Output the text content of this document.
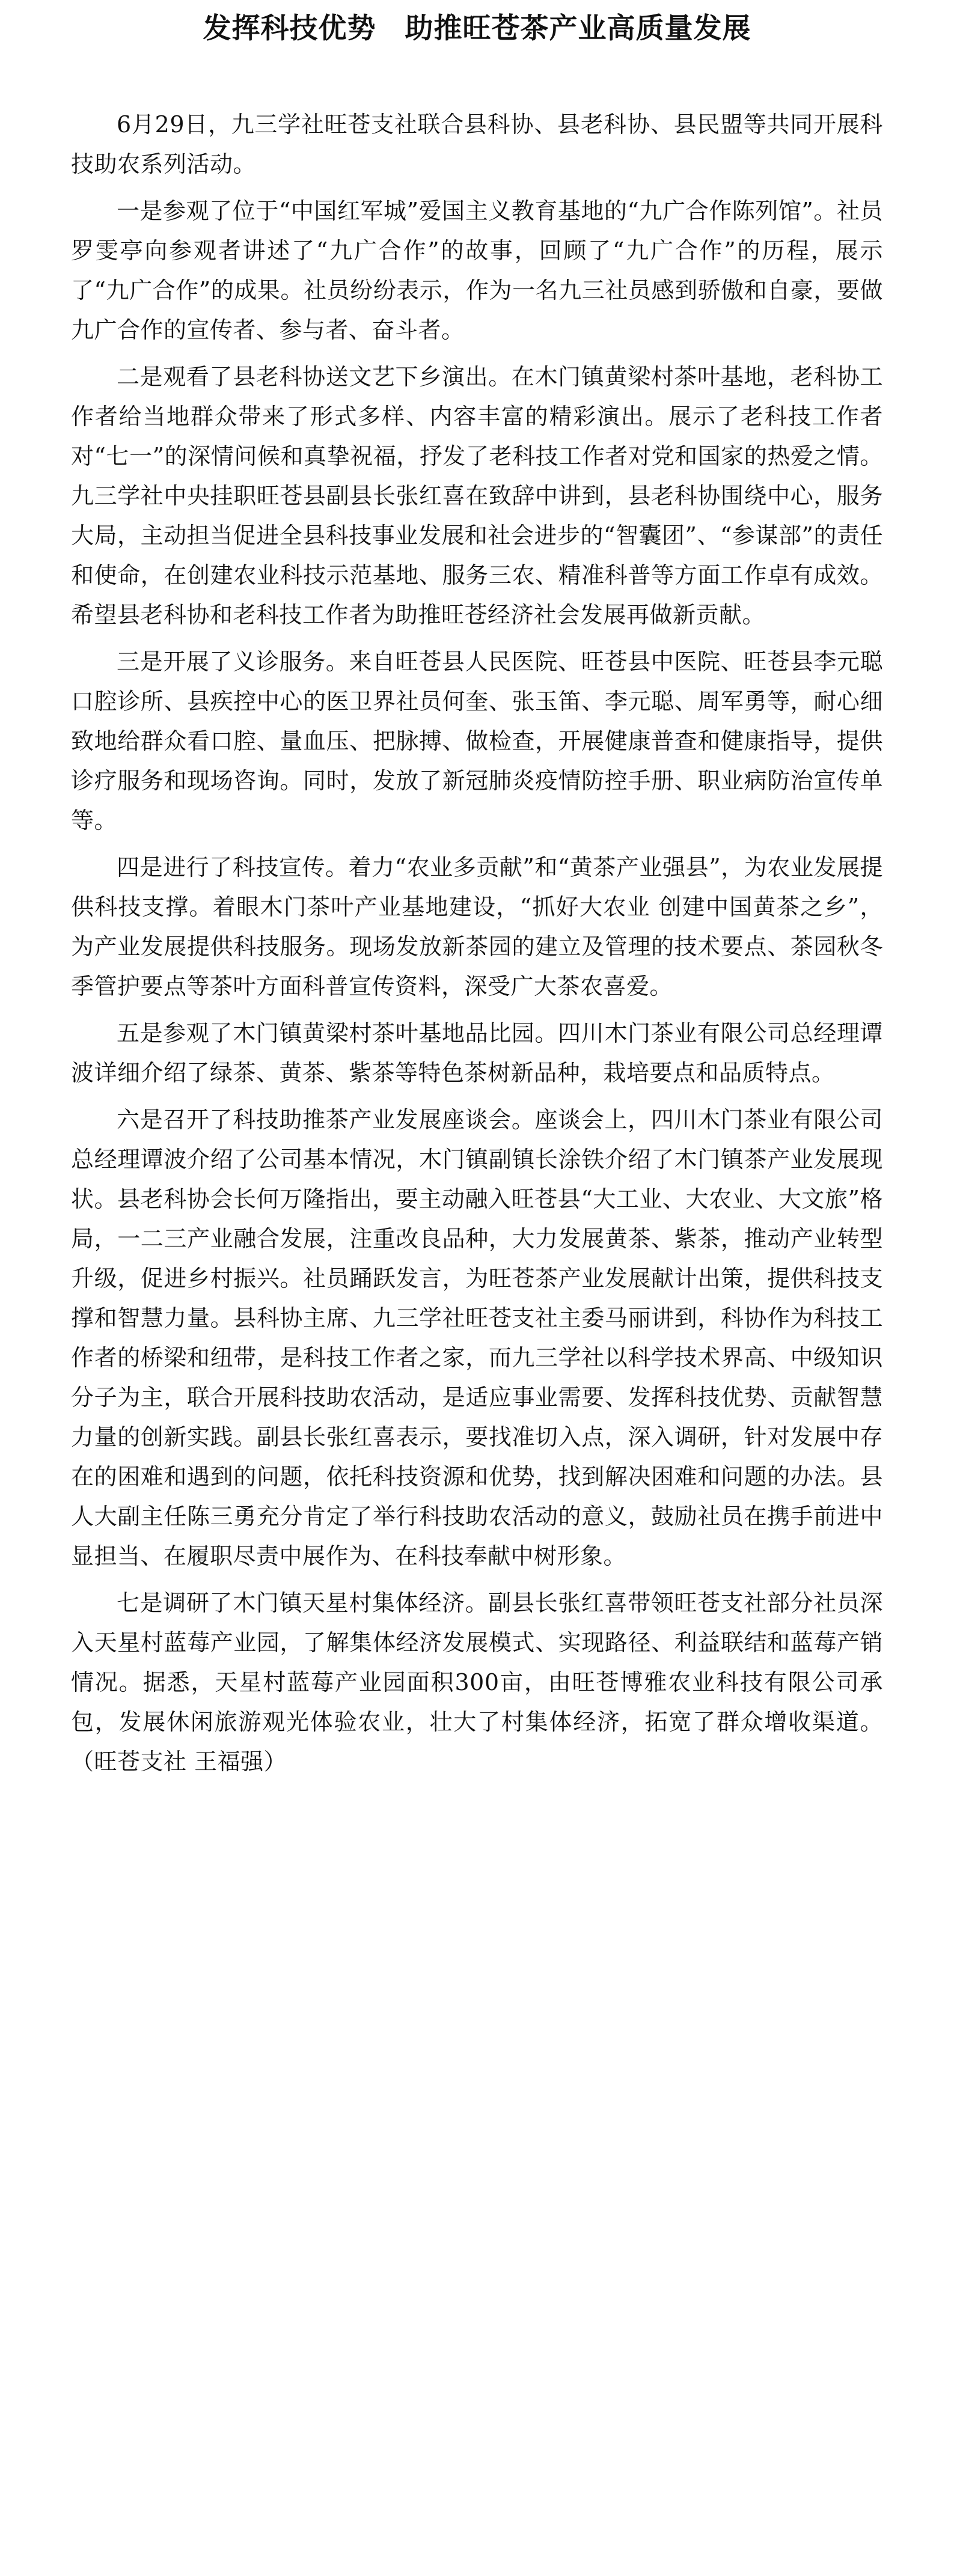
发挥科技优势　助推旺苍茶产业高质量发展

6月29日，九三学社旺苍支社联合县科协、县老科协、县民盟等共同开展科技助农系列活动。

一是参观了位于“中国红军城”爱国主义教育基地的“九广合作陈列馆”。社员罗雯亭向参观者讲述了“九广合作”的故事，回顾了“九广合作”的历程，展示了“九广合作”的成果。社员纷纷表示，作为一名九三社员感到骄傲和自豪，要做九广合作的宣传者、参与者、奋斗者。

二是观看了县老科协送文艺下乡演出。在木门镇黄梁村茶叶基地，老科协工作者给当地群众带来了形式多样、内容丰富的精彩演出。展示了老科技工作者对“七一”的深情问候和真挚祝福，抒发了老科技工作者对党和国家的热爱之情。九三学社中央挂职旺苍县副县长张红喜在致辞中讲到，县老科协围绕中心，服务大局，主动担当促进全县科技事业发展和社会进步的“智囊团”、“参谋部”的责任和使命，在创建农业科技示范基地、服务三农、精准科普等方面工作卓有成效。希望县老科协和老科技工作者为助推旺苍经济社会发展再做新贡献。

三是开展了义诊服务。来自旺苍县人民医院、旺苍县中医院、旺苍县李元聪口腔诊所、县疾控中心的医卫界社员何奎、张玉笛、李元聪、周军勇等，耐心细致地给群众看口腔、量血压、把脉搏、做检查，开展健康普查和健康指导，提供诊疗服务和现场咨询。同时，发放了新冠肺炎疫情防控手册、职业病防治宣传单等。

四是进行了科技宣传。着力“农业多贡献”和“黄茶产业强县”，为农业发展提供科技支撑。着眼木门茶叶产业基地建设，“抓好大农业 创建中国黄茶之乡”，为产业发展提供科技服务。现场发放新茶园的建立及管理的技术要点、茶园秋冬季管护要点等茶叶方面科普宣传资料，深受广大茶农喜爱。

五是参观了木门镇黄梁村茶叶基地品比园。四川木门茶业有限公司总经理谭波详细介绍了绿茶、黄茶、紫茶等特色茶树新品种，栽培要点和品质特点。

六是召开了科技助推茶产业发展座谈会。座谈会上，四川木门茶业有限公司总经理谭波介绍了公司基本情况，木门镇副镇长涂铁介绍了木门镇茶产业发展现状。县老科协会长何万隆指出，要主动融入旺苍县“大工业、大农业、大文旅”格局，一二三产业融合发展，注重改良品种，大力发展黄茶、紫茶，推动产业转型升级，促进乡村振兴。社员踊跃发言，为旺苍茶产业发展献计出策，提供科技支撑和智慧力量。县科协主席、九三学社旺苍支社主委马丽讲到，科协作为科技工作者的桥梁和纽带，是科技工作者之家，而九三学社以科学技术界高、中级知识分子为主，联合开展科技助农活动，是适应事业需要、发挥科技优势、贡献智慧力量的创新实践。副县长张红喜表示，要找准切入点，深入调研，针对发展中存在的困难和遇到的问题，依托科技资源和优势，找到解决困难和问题的办法。县人大副主任陈三勇充分肯定了举行科技助农活动的意义，鼓励社员在携手前进中显担当、在履职尽责中展作为、在科技奉献中树形象。

七是调研了木门镇天星村集体经济。副县长张红喜带领旺苍支社部分社员深入天星村蓝莓产业园，了解集体经济发展模式、实现路径、利益联结和蓝莓产销情况。据悉，天星村蓝莓产业园面积300亩，由旺苍博雅农业科技有限公司承包，发展休闲旅游观光体验农业，壮大了村集体经济，拓宽了群众增收渠道。（旺苍支社 王福强）
